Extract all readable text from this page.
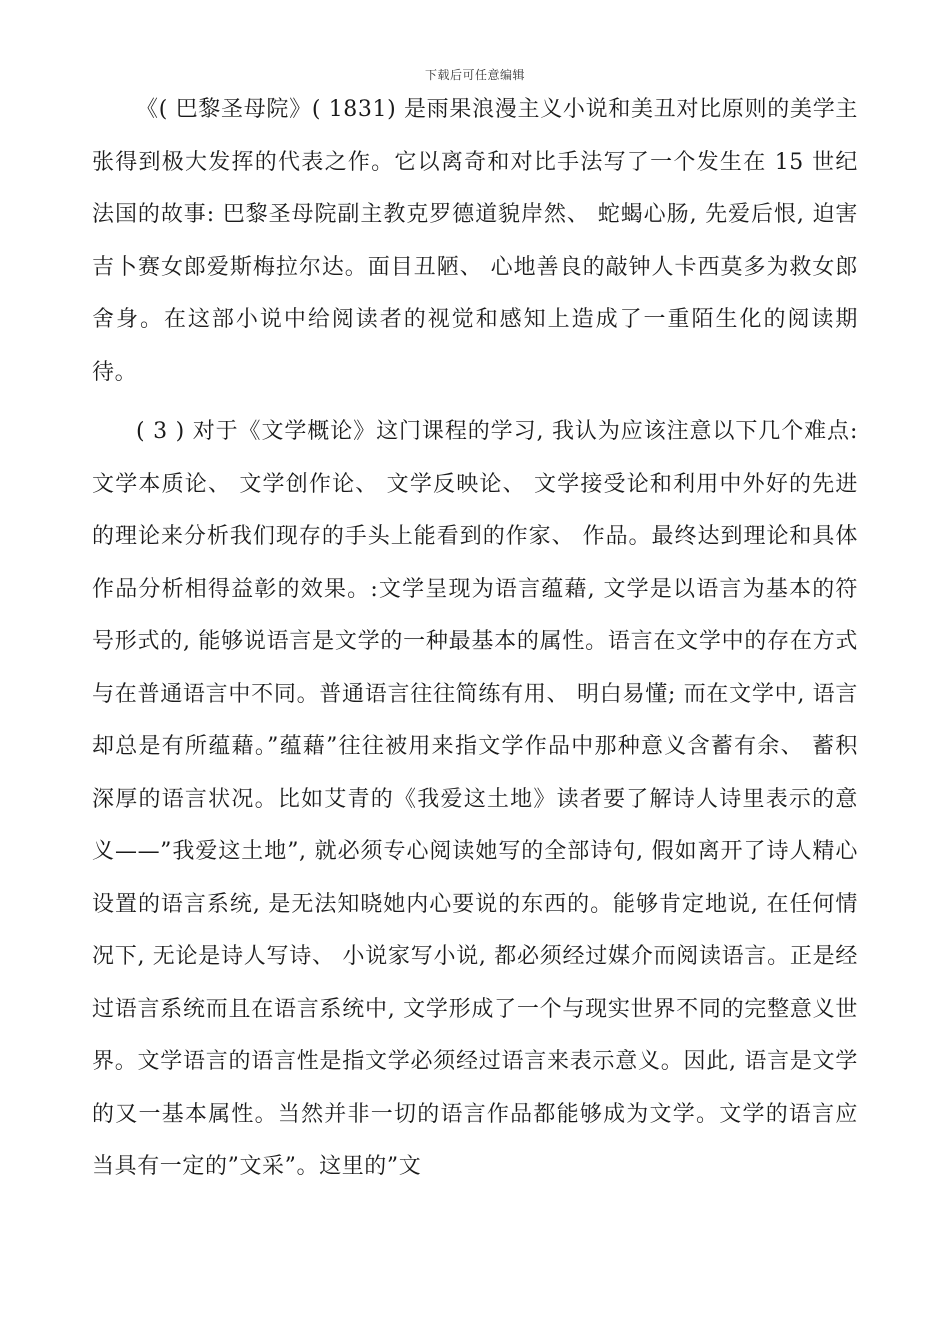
下载后可任意编辑

《( 巴黎圣母院》( 1831) 是雨果浪漫主义小说和美丑对比原则的美学主张得到极大发挥的代表之作。它以离奇和对比手法写了一个发生在 15 世纪法国的故事: 巴黎圣母院副主教克罗德道貌岸然、 蛇蝎心肠, 先爱后恨, 迫害吉卜赛女郎爱斯梅拉尔达。面目丑陋、 心地善良的敲钟人卡西莫多为救女郎舍身。在这部小说中给阅读者的视觉和感知上造成了一重陌生化的阅读期待。

( 3 ) 对于《文学概论》这门课程的学习, 我认为应该注意以下几个难点: 文学本质论、 文学创作论、 文学反映论、 文学接受论和利用中外好的先进的理论来分析我们现存的手头上能看到的作家、 作品。最终达到理论和具体作品分析相得益彰的效果。:文学呈现为语言蕴藉, 文学是以语言为基本的符号形式的, 能够说语言是文学的一种最基本的属性。语言在文学中的存在方式与在普通语言中不同。普通语言往往简练有用、 明白易懂; 而在文学中, 语言却总是有所蕴藉。”蕴藉”往往被用来指文学作品中那种意义含蓄有余、 蓄积深厚的语言状况。比如艾青的《我爱这土地》读者要了解诗人诗里表示的意义——”我爱这土地”, 就必须专心阅读她写的全部诗句, 假如离开了诗人精心设置的语言系统, 是无法知晓她内心要说的东西的。能够肯定地说, 在任何情况下, 无论是诗人写诗、 小说家写小说, 都必须经过媒介而阅读语言。正是经过语言系统而且在语言系统中, 文学形成了一个与现实世界不同的完整意义世界。文学语言的语言性是指文学必须经过语言来表示意义。因此, 语言是文学的又一基本属性。当然并非一切的语言作品都能够成为文学。文学的语言应当具有一定的”文采”。这里的”文
